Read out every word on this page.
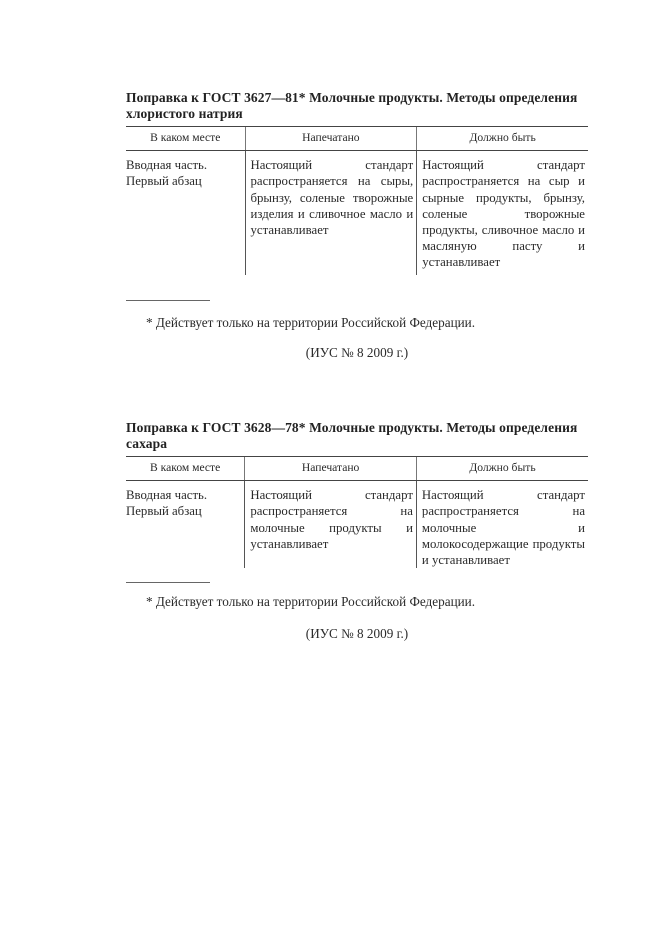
Поправка к ГОСТ 3627—81* Молочные продукты. Методы определения хлористого натрия
В каком месте	Напечатано	Должно быть

Вводная часть.
Первый абзац	Настоящий стандарт распространяется на сыры, брынзу, соленые творожные изделия и сливочное масло и устанавливает	Настоящий стандарт распространяется на сыр и сырные продукты, брынзу, соленые творожные продукты, сливочное масло и масляную пасту и устанавливает
* Действует только на территории Российской Федерации.
(ИУС № 8 2009 г.)
Поправка к ГОСТ 3628—78* Молочные продукты. Методы определения сахара
В каком месте	Напечатано	Должно быть

Вводная часть.
Первый абзац	Настоящий стандарт распространяется на молочные продукты и устанавливает	Настоящий стандарт распространяется на молочные и молокосодержащие продукты и устанавливает
* Действует только на территории Российской Федерации.
(ИУС № 8 2009 г.)
